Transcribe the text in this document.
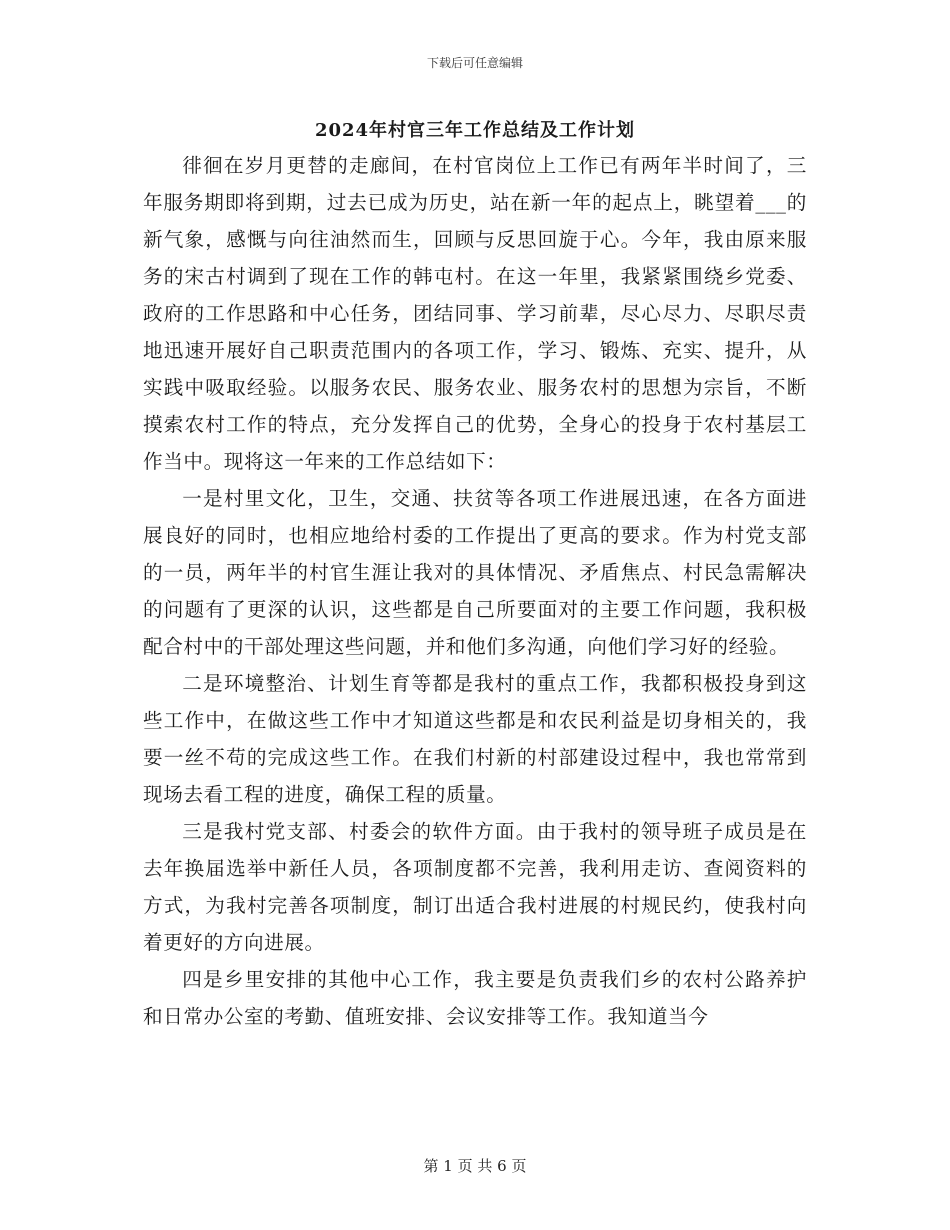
下载后可任意编辑
2024年村官三年工作总结及工作计划

徘徊在岁月更替的走廊间，在村官岗位上工作已有两年半时间了，三年服务期即将到期，过去已成为历史，站在新一年的起点上，眺望着___的新气象，感慨与向往油然而生，回顾与反思回旋于心。今年，我由原来服务的宋古村调到了现在工作的韩屯村。在这一年里，我紧紧围绕乡党委、政府的工作思路和中心任务，团结同事、学习前辈，尽心尽力、尽职尽责地迅速开展好自己职责范围内的各项工作，学习、锻炼、充实、提升，从实践中吸取经验。以服务农民、服务农业、服务农村的思想为宗旨，不断摸索农村工作的特点，充分发挥自己的优势，全身心的投身于农村基层工作当中。现将这一年来的工作总结如下：

一是村里文化，卫生，交通、扶贫等各项工作进展迅速，在各方面进展良好的同时，也相应地给村委的工作提出了更高的要求。作为村党支部的一员，两年半的村官生涯让我对的具体情况、矛盾焦点、村民急需解决的问题有了更深的认识，这些都是自己所要面对的主要工作问题，我积极配合村中的干部处理这些问题，并和他们多沟通，向他们学习好的经验。

二是环境整治、计划生育等都是我村的重点工作，我都积极投身到这些工作中，在做这些工作中才知道这些都是和农民利益是切身相关的，我要一丝不苟的完成这些工作。在我们村新的村部建设过程中，我也常常到现场去看工程的进度，确保工程的质量。

三是我村党支部、村委会的软件方面。由于我村的领导班子成员是在去年换届选举中新任人员，各项制度都不完善，我利用走访、查阅资料的方式，为我村完善各项制度，制订出适合我村进展的村规民约，使我村向着更好的方向进展。

四是乡里安排的其他中心工作，我主要是负责我们乡的农村公路养护和日常办公室的考勤、值班安排、会议安排等工作。我知道当今

第 1 页 共 6 页
